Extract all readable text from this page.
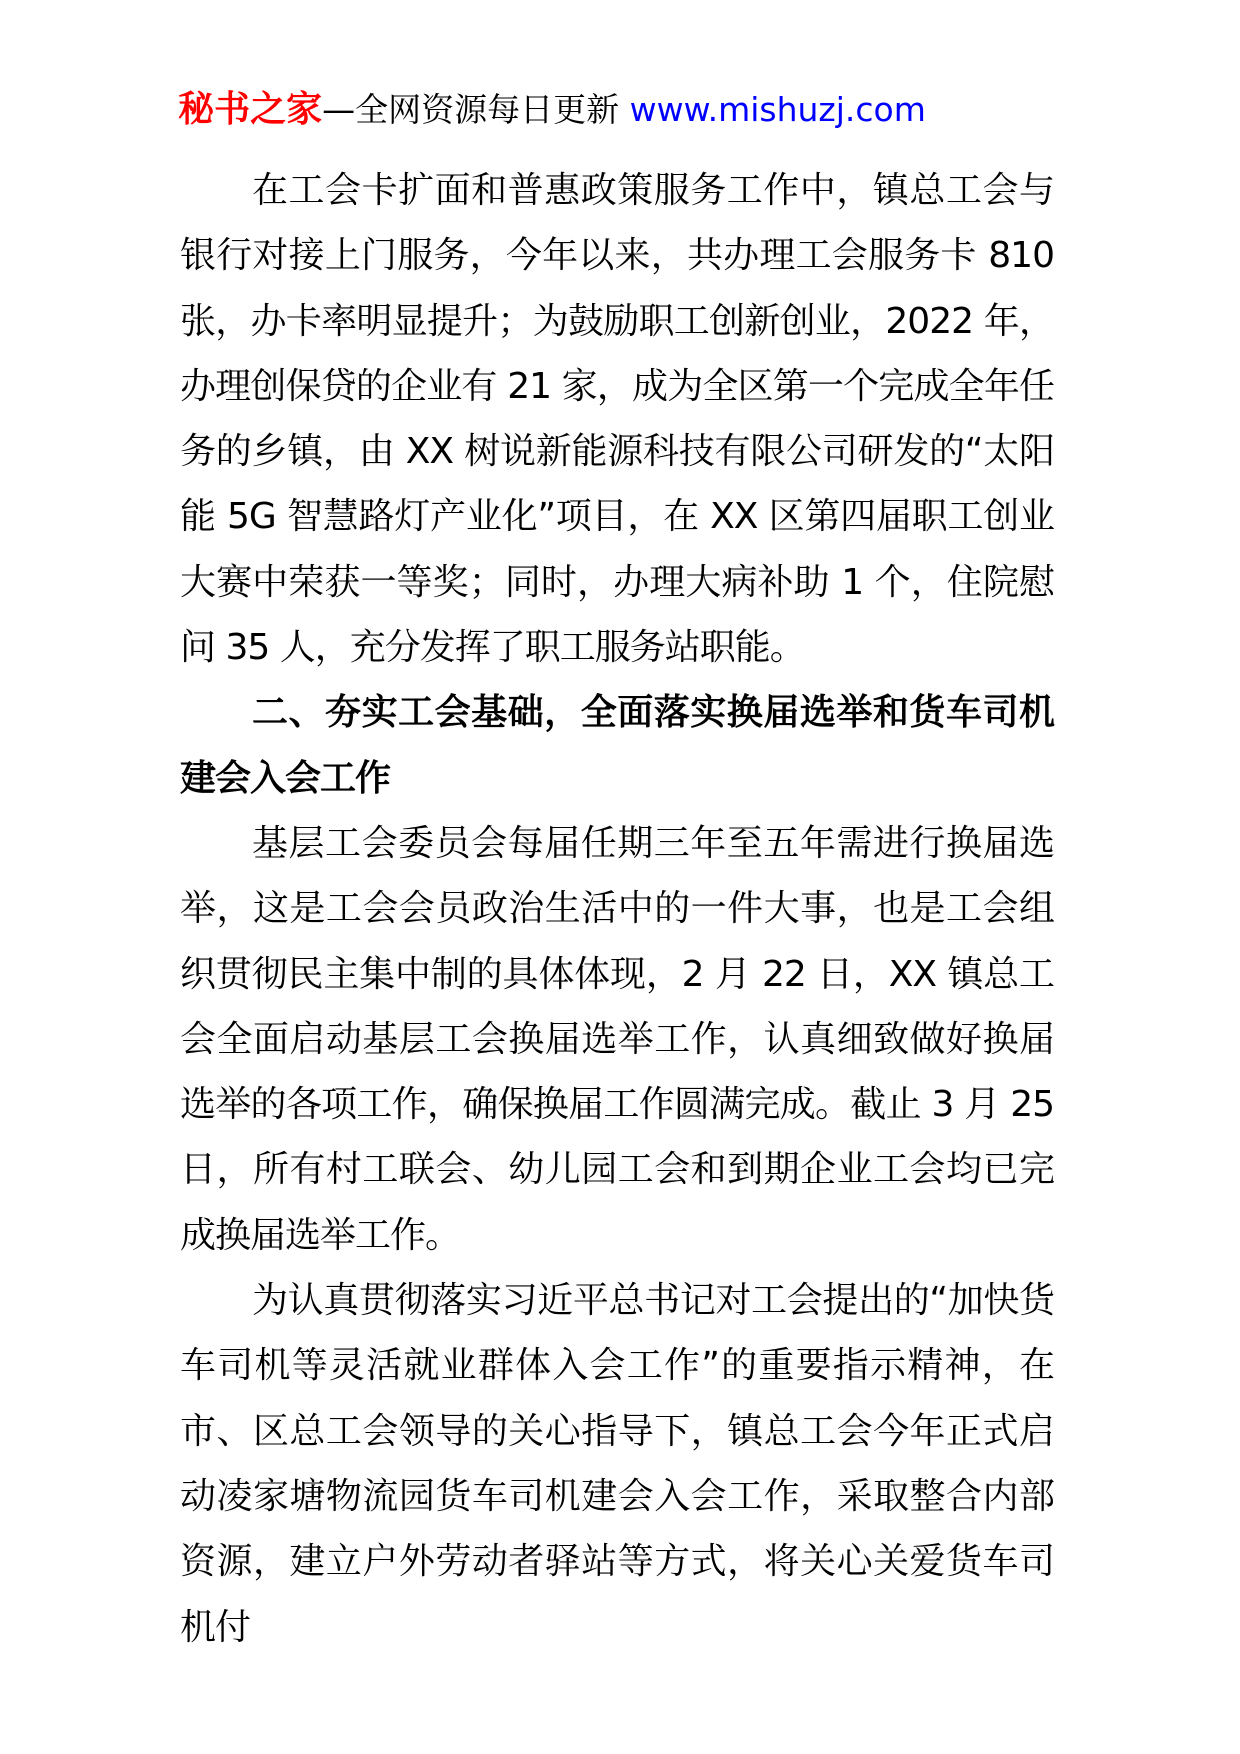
秘书之家—全网资源每日更新 www.mishuzj.com

在工会卡扩面和普惠政策服务工作中，镇总工会与银行对接上门服务，今年以来，共办理工会服务卡 810 张，办卡率明显提升；为鼓励职工创新创业，2022 年，办理创保贷的企业有 21 家，成为全区第一个完成全年任务的乡镇，由 XX 树说新能源科技有限公司研发的“太阳能 5G 智慧路灯产业化”项目，在 XX 区第四届职工创业大赛中荣获一等奖；同时，办理大病补助 1 个，住院慰问 35 人，充分发挥了职工服务站职能。

二、夯实工会基础，全面落实换届选举和货车司机建会入会工作

基层工会委员会每届任期三年至五年需进行换届选举，这是工会会员政治生活中的一件大事，也是工会组织贯彻民主集中制的具体体现，2 月 22 日，XX 镇总工会全面启动基层工会换届选举工作，认真细致做好换届选举的各项工作，确保换届工作圆满完成。截止 3 月 25 日，所有村工联会、幼儿园工会和到期企业工会均已完成换届选举工作。

为认真贯彻落实习近平总书记对工会提出的“加快货车司机等灵活就业群体入会工作”的重要指示精神，在市、区总工会领导的关心指导下，镇总工会今年正式启动凌家塘物流园货车司机建会入会工作，采取整合内部资源，建立户外劳动者驿站等方式，将关心关爱货车司机付
